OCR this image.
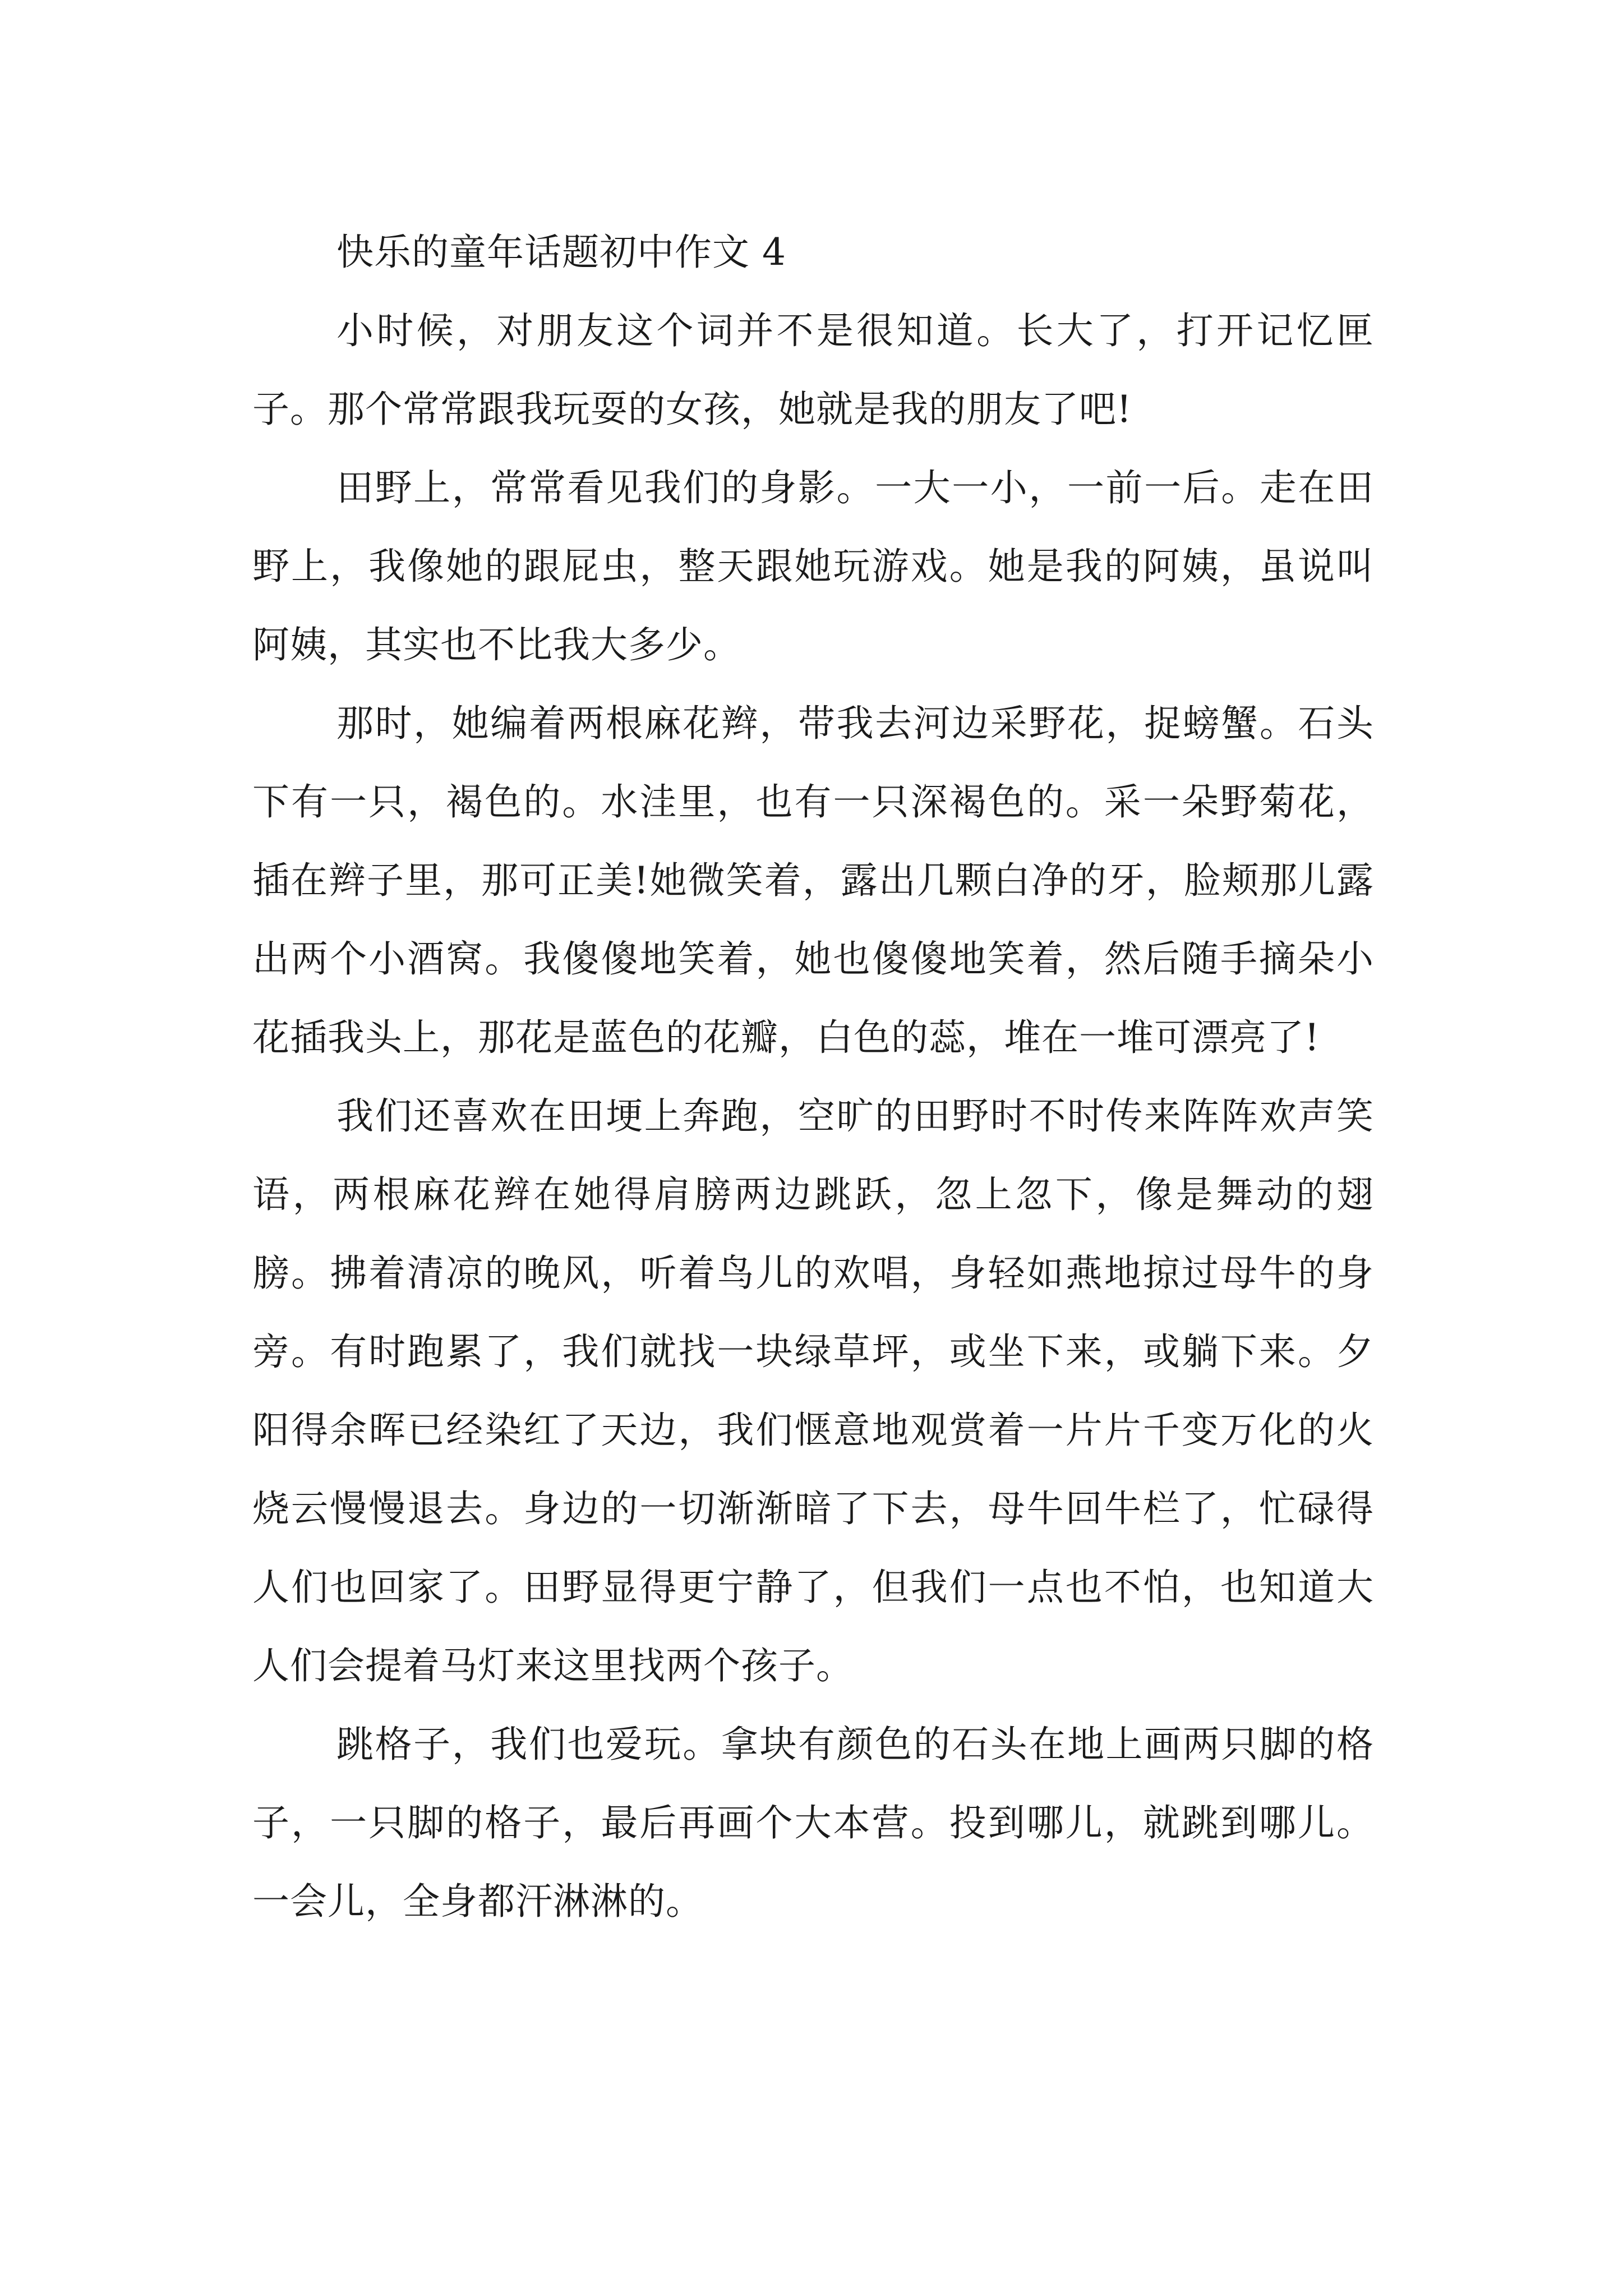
快乐的童年话题初中作文 4

小时候，对朋友这个词并不是很知道。长大了，打开记忆匣子。那个常常跟我玩耍的女孩，她就是我的朋友了吧!

田野上，常常看见我们的身影。一大一小，一前一后。走在田野上，我像她的跟屁虫，整天跟她玩游戏。她是我的阿姨，虽说叫阿姨，其实也不比我大多少。

那时，她编着两根麻花辫，带我去河边采野花，捉螃蟹。石头下有一只，褐色的。水洼里，也有一只深褐色的。采一朵野菊花，插在辫子里，那可正美!她微笑着，露出几颗白净的牙，脸颊那儿露出两个小酒窝。我傻傻地笑着，她也傻傻地笑着，然后随手摘朵小花插我头上，那花是蓝色的花瓣，白色的蕊，堆在一堆可漂亮了!

我们还喜欢在田埂上奔跑，空旷的田野时不时传来阵阵欢声笑语，两根麻花辫在她得肩膀两边跳跃，忽上忽下，像是舞动的翅膀。拂着清凉的晚风，听着鸟儿的欢唱，身轻如燕地掠过母牛的身旁。有时跑累了，我们就找一块绿草坪，或坐下来，或躺下来。夕阳得余晖已经染红了天边，我们惬意地观赏着一片片千变万化的火烧云慢慢退去。身边的一切渐渐暗了下去，母牛回牛栏了，忙碌得人们也回家了。田野显得更宁静了，但我们一点也不怕，也知道大人们会提着马灯来这里找两个孩子。

跳格子，我们也爱玩。拿块有颜色的石头在地上画两只脚的格子，一只脚的格子，最后再画个大本营。投到哪儿，就跳到哪儿。一会儿，全身都汗淋淋的。
